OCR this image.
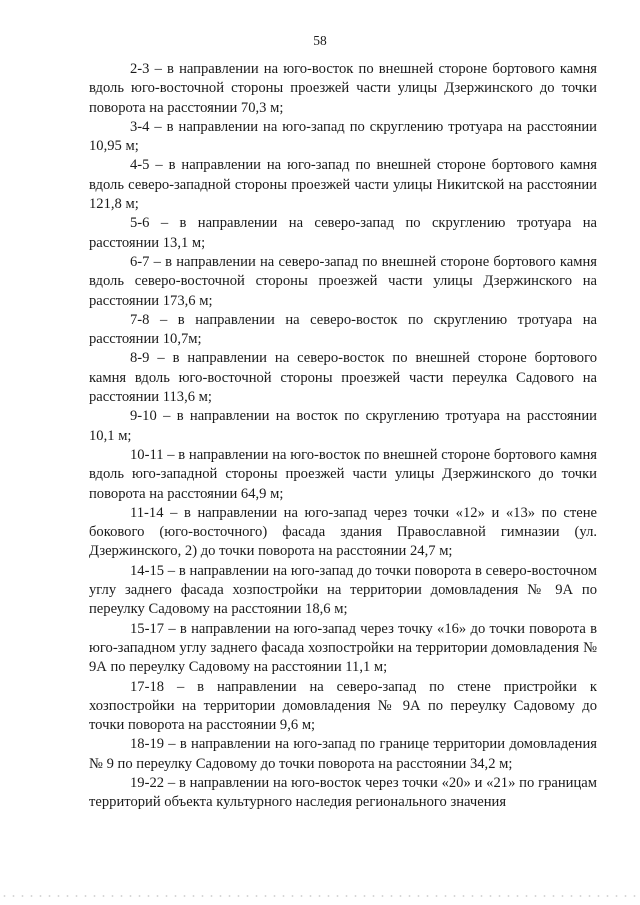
58

2-3 – в направлении на юго-восток по внешней стороне бортового камня вдоль юго-восточной стороны проезжей части улицы Дзержинского до точки поворота на расстоянии 70,3 м;

3-4 – в направлении на юго-запад по скруглению тротуара на расстоянии 10,95 м;

4-5 – в направлении на юго-запад по внешней стороне бортового камня вдоль северо-западной стороны проезжей части улицы Никитской на расстоянии 121,8 м;

5-6 – в направлении на северо-запад по скруглению тротуара на расстоянии 13,1 м;

6-7 – в направлении на северо-запад по внешней стороне бортового камня вдоль северо-восточной стороны проезжей части улицы Дзержинского на расстоянии 173,6 м;

7-8 – в направлении на северо-восток по скруглению тротуара на расстоянии 10,7м;

8-9 – в направлении на северо-восток по внешней стороне бортового камня вдоль юго-восточной стороны проезжей части переулка Садового на расстоянии 113,6 м;

9-10 – в направлении на восток по скруглению тротуара на расстоянии 10,1 м;

10-11 – в направлении на юго-восток по внешней стороне бортового камня вдоль юго-западной стороны проезжей части улицы Дзержинского до точки поворота на расстоянии 64,9 м;

11-14 – в направлении на юго-запад через точки «12» и «13» по стене бокового (юго-восточного) фасада здания Православной гимназии (ул. Дзержинского, 2) до точки поворота на расстоянии 24,7 м;

14-15 – в направлении на юго-запад до точки поворота в северо-восточном углу заднего фасада хозпостройки на территории домовладения № 9А по переулку Садовому на расстоянии 18,6 м;

15-17 – в направлении на юго-запад через точку «16» до точки поворота в юго-западном углу заднего фасада хозпостройки на территории домовладения № 9А по переулку Садовому на расстоянии 11,1 м;

17-18 – в направлении на северо-запад по стене пристройки к хозпостройки на территории домовладения № 9А по переулку Садовому до точки поворота на расстоянии 9,6 м;

18-19 – в направлении на юго-запад по границе территории домовладения № 9 по переулку Садовому до точки поворота на расстоянии 34,2 м;

19-22 – в направлении на юго-восток через точки «20» и «21» по границам территорий объекта культурного наследия регионального значения
